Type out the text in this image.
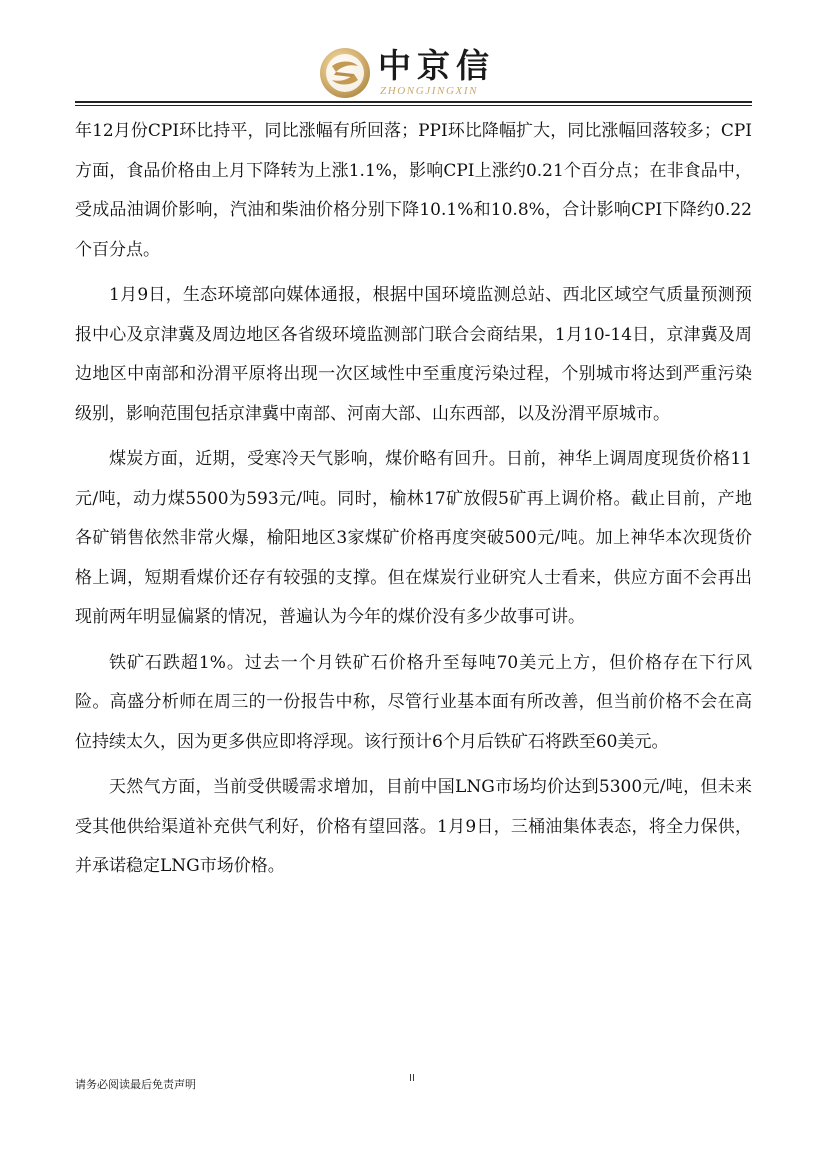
中京信
ZHONGJINGXIN

年12月份CPI环比持平，同比涨幅有所回落；PPI环比降幅扩大，同比涨幅回落较多；CPI方面，食品价格由上月下降转为上涨1.1%，影响CPI上涨约0.21个百分点；在非食品中，受成品油调价影响，汽油和柴油价格分别下降10.1%和10.8%，合计影响CPI下降约0.22个百分点。

1月9日，生态环境部向媒体通报，根据中国环境监测总站、西北区域空气质量预测预报中心及京津冀及周边地区各省级环境监测部门联合会商结果，1月10-14日，京津冀及周边地区中南部和汾渭平原将出现一次区域性中至重度污染过程，个别城市将达到严重污染级别，影响范围包括京津冀中南部、河南大部、山东西部，以及汾渭平原城市。

煤炭方面，近期，受寒冷天气影响，煤价略有回升。日前，神华上调周度现货价格11元/吨，动力煤5500为593元/吨。同时，榆林17矿放假5矿再上调价格。截止目前，产地各矿销售依然非常火爆，榆阳地区3家煤矿价格再度突破500元/吨。加上神华本次现货价格上调，短期看煤价还存有较强的支撑。但在煤炭行业研究人士看来，供应方面不会再出现前两年明显偏紧的情况，普遍认为今年的煤价没有多少故事可讲。

铁矿石跌超1%。过去一个月铁矿石价格升至每吨70美元上方，但价格存在下行风险。高盛分析师在周三的一份报告中称，尽管行业基本面有所改善，但当前价格不会在高位持续太久，因为更多供应即将浮现。该行预计6个月后铁矿石将跌至60美元。

天然气方面，当前受供暖需求增加，目前中国LNG市场均价达到5300元/吨，但未来受其他供给渠道补充供气利好，价格有望回落。1月9日，三桶油集体表态，将全力保供，并承诺稳定LNG市场价格。

请务必阅读最后免责声明	II
